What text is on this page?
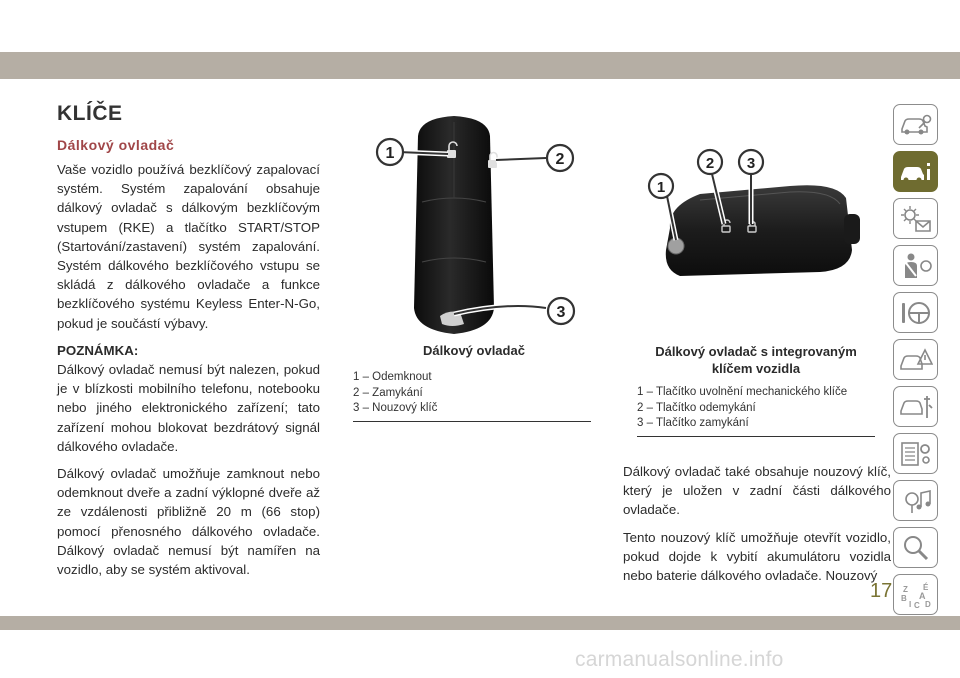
KLÍČE
Dálkový ovladač

Vaše vozidlo používá bezklíčový zapalovací systém. Systém zapalování obsahuje dálkový ovladač s dálkovým bezklíčovým vstupem (RKE) a tlačítko START/STOP (Startování/zastavení) systém zapalování. Systém dálkového bezklíčového vstupu se skládá z dálkového ovladače a funkce bezklíčového systému Keyless Enter-N-Go, pokud je součástí výbavy.

POZNÁMKA:
Dálkový ovladač nemusí být nalezen, pokud je v blízkosti mobilního telefonu, notebooku nebo jiného elektronického zařízení; tato zařízení mohou blokovat bezdrátový signál dálkového ovladače.

Dálkový ovladač umožňuje zamknout nebo odemknout dveře a zadní výklopné dveře až ze vzdálenosti přibližně 20 m (66 stop) pomocí přenosného dálkového ovladače. Dálkový ovladač nemusí být namířen na vozidlo, aby se systém aktivoval.

1	2
3
Dálkový ovladač
1 – Odemknout
2 – Zamykání
3 – Nouzový klíč
1
2 3
Dálkový ovladač s integrovaným
klíčem vozidla
1 – Tlačítko uvolnění mechanického klíče
2 – Tlačítko odemykání
3 – Tlačítko zamykání

Dálkový ovladač také obsahuje nouzový klíč, který je uložen v zadní části dálkového ovladače.

Tento nouzový klíč umožňuje otevřít vozidlo, pokud dojde k vybití akumulátoru vozidla nebo baterie dálkového ovladače. Nouzový

Z É
B A
I C D
17
carmanualsonline.info
